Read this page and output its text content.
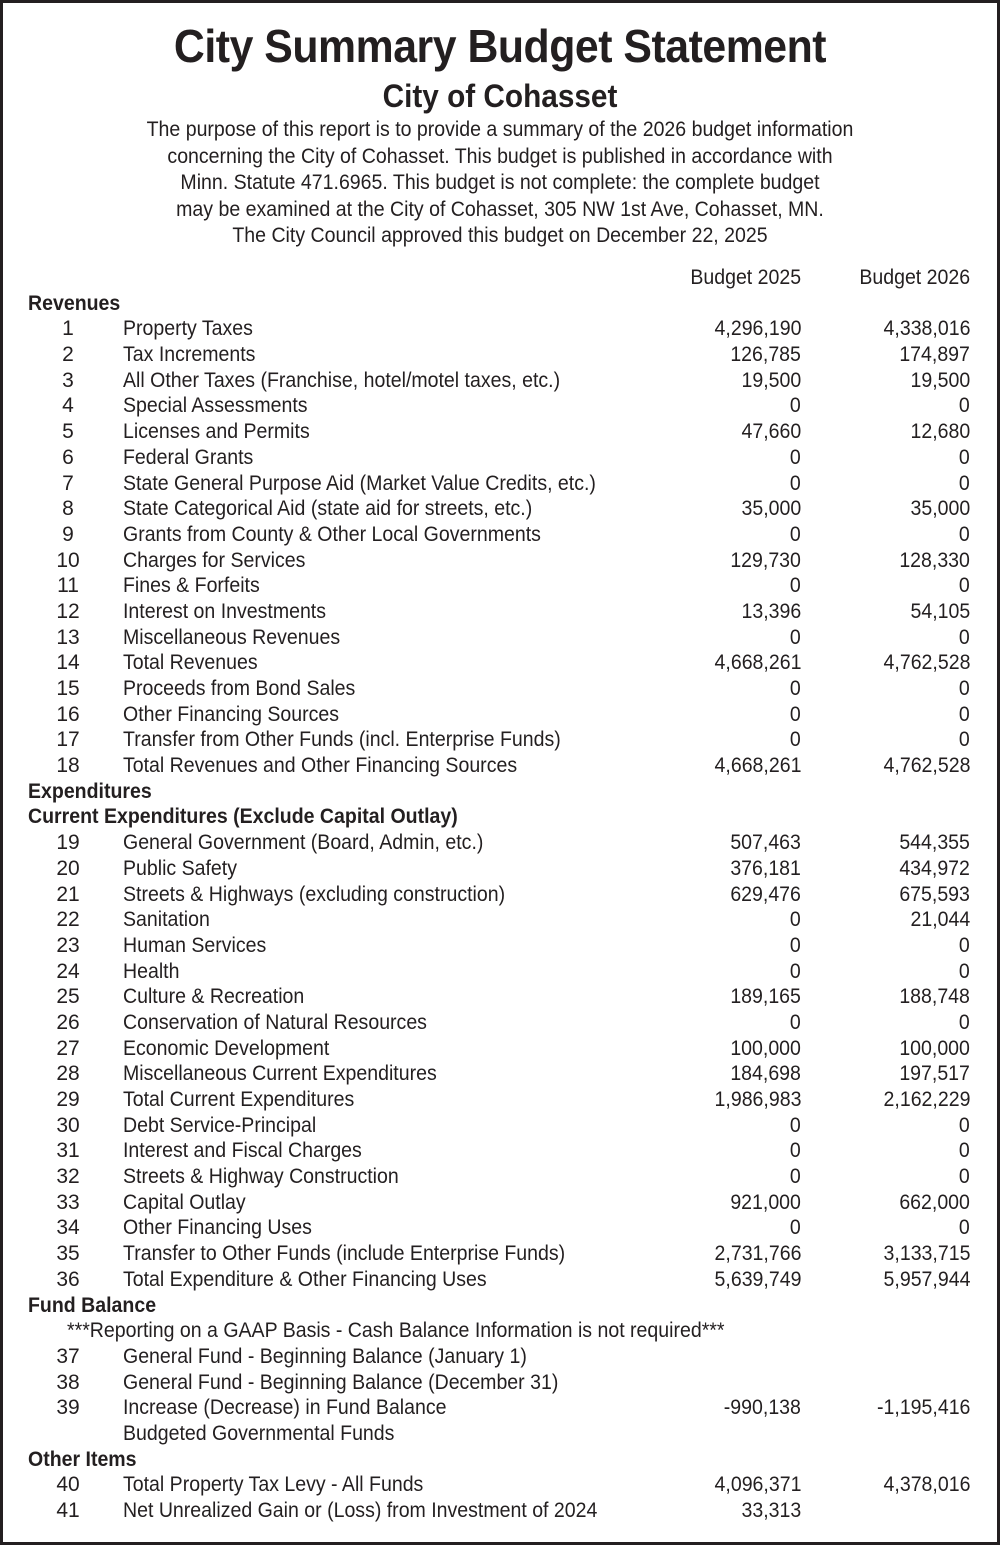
City Summary Budget Statement
City of Cohasset
The purpose of this report is to provide a summary of the 2026 budget information
concerning the City of Cohasset. This budget is published in accordance with
Minn. Statute 471.6965. This budget is not complete: the complete budget
may be examined at the City of Cohasset, 305 NW 1st Ave, Cohasset, MN.
The City Council approved this budget on December 22, 2025
Budget 2025	Budget 2026
Revenues
1	Property Taxes	4,296,190	4,338,016
2	Tax Increments	126,785	174,897
3	All Other Taxes (Franchise, hotel/motel taxes, etc.)	19,500	19,500
4	Special Assessments	0	0
5	Licenses and Permits	47,660	12,680
6	Federal Grants	0	0
7	State General Purpose Aid (Market Value Credits, etc.)	0	0
8	State Categorical Aid (state aid for streets, etc.)	35,000	35,000
9	Grants from County & Other Local Governments	0	0
10	Charges for Services	129,730	128,330
11	Fines & Forfeits	0	0
12	Interest on Investments	13,396	54,105
13	Miscellaneous Revenues	0	0
14	Total Revenues	4,668,261	4,762,528
15	Proceeds from Bond Sales	0	0
16	Other Financing Sources	0	0
17	Transfer from Other Funds (incl. Enterprise Funds)	0	0
18	Total Revenues and Other Financing Sources	4,668,261	4,762,528
Expenditures
Current Expenditures (Exclude Capital Outlay)
19	General Government (Board, Admin, etc.)	507,463	544,355
20	Public Safety	376,181	434,972
21	Streets & Highways (excluding construction)	629,476	675,593
22	Sanitation	0	21,044
23	Human Services	0	0
24	Health	0	0
25	Culture & Recreation	189,165	188,748
26	Conservation of Natural Resources	0	0
27	Economic Development	100,000	100,000
28	Miscellaneous Current Expenditures	184,698	197,517
29	Total Current Expenditures	1,986,983	2,162,229
30	Debt Service-Principal	0	0
31	Interest and Fiscal Charges	0	0
32	Streets & Highway Construction	0	0
33	Capital Outlay	921,000	662,000
34	Other Financing Uses	0	0
35	Transfer to Other Funds (include Enterprise Funds)	2,731,766	3,133,715
36	Total Expenditure & Other Financing Uses	5,639,749	5,957,944
Fund Balance
***Reporting on a GAAP Basis - Cash Balance Information is not required***
37	General Fund - Beginning Balance (January 1)
38	General Fund - Beginning Balance (December 31)
39	Increase (Decrease) in Fund Balance	-990,138	-1,195,416
Budgeted Governmental Funds
Other Items
40	Total Property Tax Levy - All Funds	4,096,371	4,378,016
41	Net Unrealized Gain or (Loss) from Investment of 2024	33,313
